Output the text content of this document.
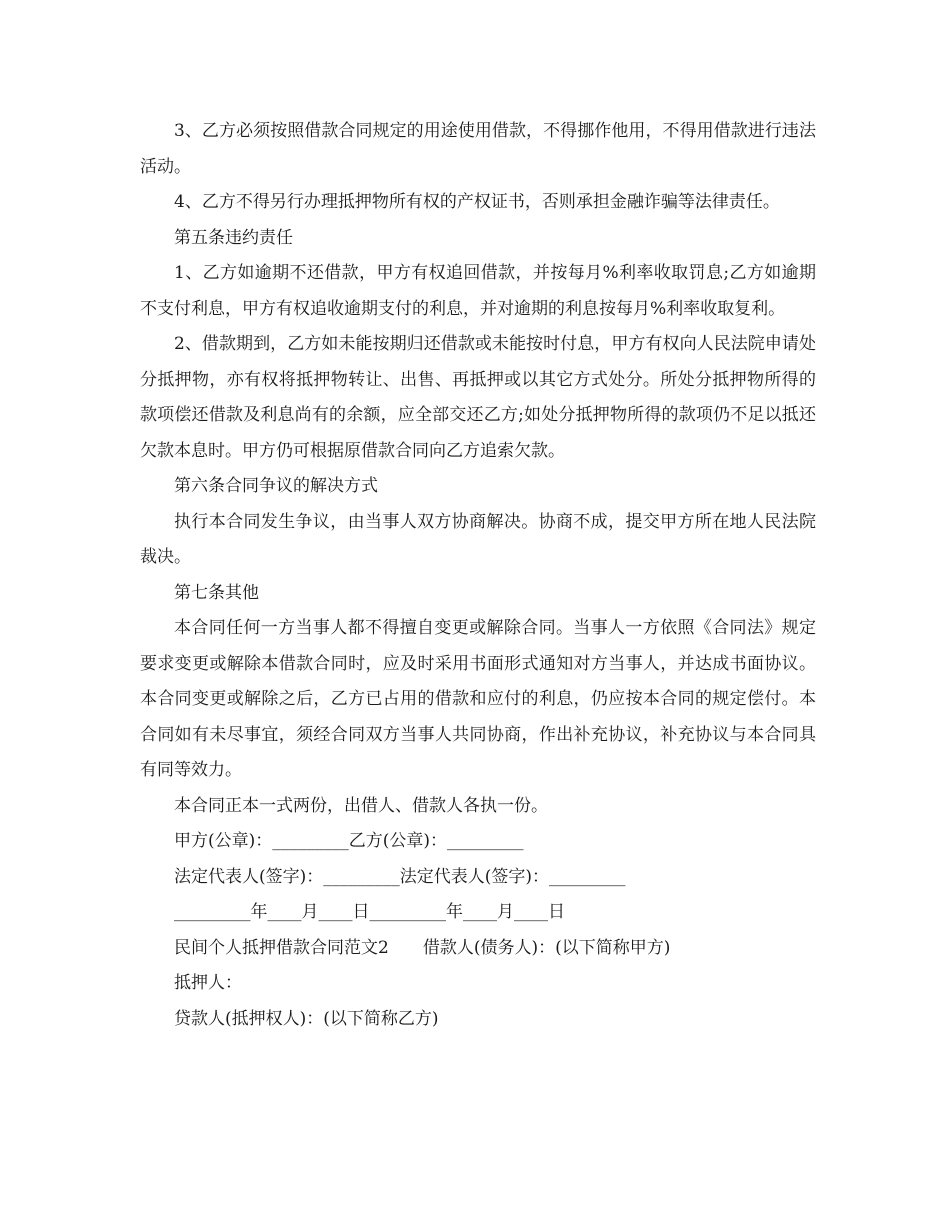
3、乙方必须按照借款合同规定的用途使用借款，不得挪作他用，不得用借款进行违法活动。

4、乙方不得另行办理抵押物所有权的产权证书，否则承担金融诈骗等法律责任。

第五条违约责任

1、乙方如逾期不还借款，甲方有权追回借款，并按每月%利率收取罚息;乙方如逾期不支付利息，甲方有权追收逾期支付的利息，并对逾期的利息按每月%利率收取复利。

2、借款期到，乙方如未能按期归还借款或未能按时付息，甲方有权向人民法院申请处分抵押物，亦有权将抵押物转让、出售、再抵押或以其它方式处分。所处分抵押物所得的款项偿还借款及利息尚有的余额，应全部交还乙方;如处分抵押物所得的款项仍不足以抵还欠款本息时。甲方仍可根据原借款合同向乙方追索欠款。

第六条合同争议的解决方式

执行本合同发生争议，由当事人双方协商解决。协商不成，提交甲方所在地人民法院裁决。

第七条其他

本合同任何一方当事人都不得擅自变更或解除合同。当事人一方依照《合同法》规定要求变更或解除本借款合同时，应及时采用书面形式通知对方当事人，并达成书面协议。本合同变更或解除之后，乙方已占用的借款和应付的利息，仍应按本合同的规定偿付。本合同如有未尽事宜，须经合同双方当事人共同协商，作出补充协议，补充协议与本合同具有同等效力。

本合同正本一式两份，出借人、借款人各执一份。

甲方(公章)：_________乙方(公章)：_________

法定代表人(签字)：_________法定代表人(签字)：_________

_________年____月____日_________年____月____日

民间个人抵押借款合同范文2　　借款人(债务人)：(以下简称甲方)

抵押人：

贷款人(抵押权人)：(以下简称乙方)
